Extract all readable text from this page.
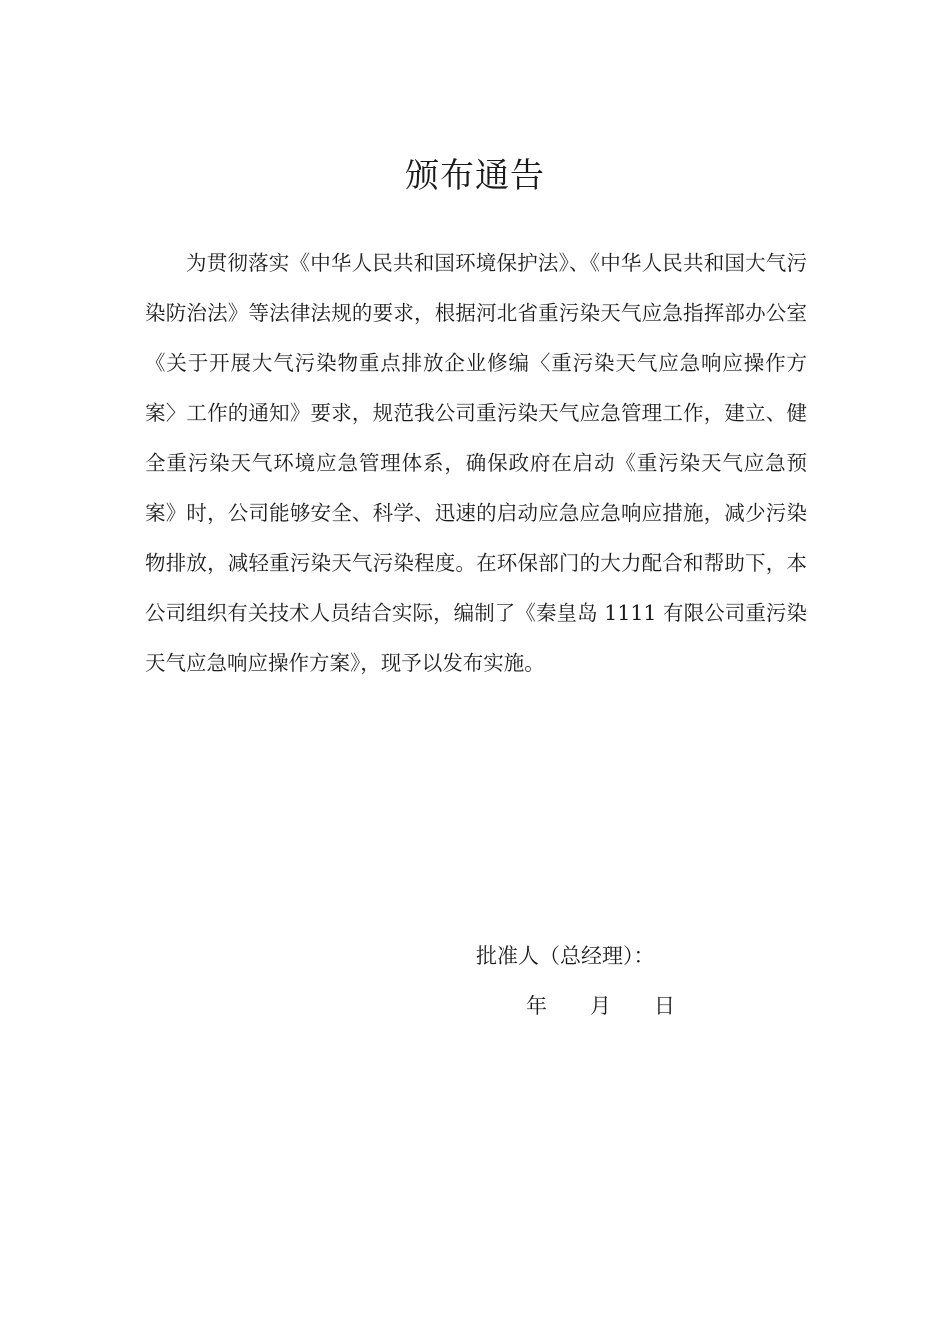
颁布通告

为贯彻落实《中华人民共和国环境保护法》、《中华人民共和国大气污染防治法》等法律法规的要求，根据河北省重污染天气应急指挥部办公室《关于开展大气污染物重点排放企业修编〈重污染天气应急响应操作方案〉工作的通知》要求，规范我公司重污染天气应急管理工作，建立、健全重污染天气环境应急管理体系，确保政府在启动《重污染天气应急预案》时，公司能够安全、科学、迅速的启动应急应急响应措施，减少污染物排放，减轻重污染天气污染程度。在环保部门的大力配合和帮助下，本公司组织有关技术人员结合实际，编制了《秦皇岛 1111 有限公司重污染天气应急响应操作方案》，现予以发布实施。

批准人（总经理）：
年 月 日
